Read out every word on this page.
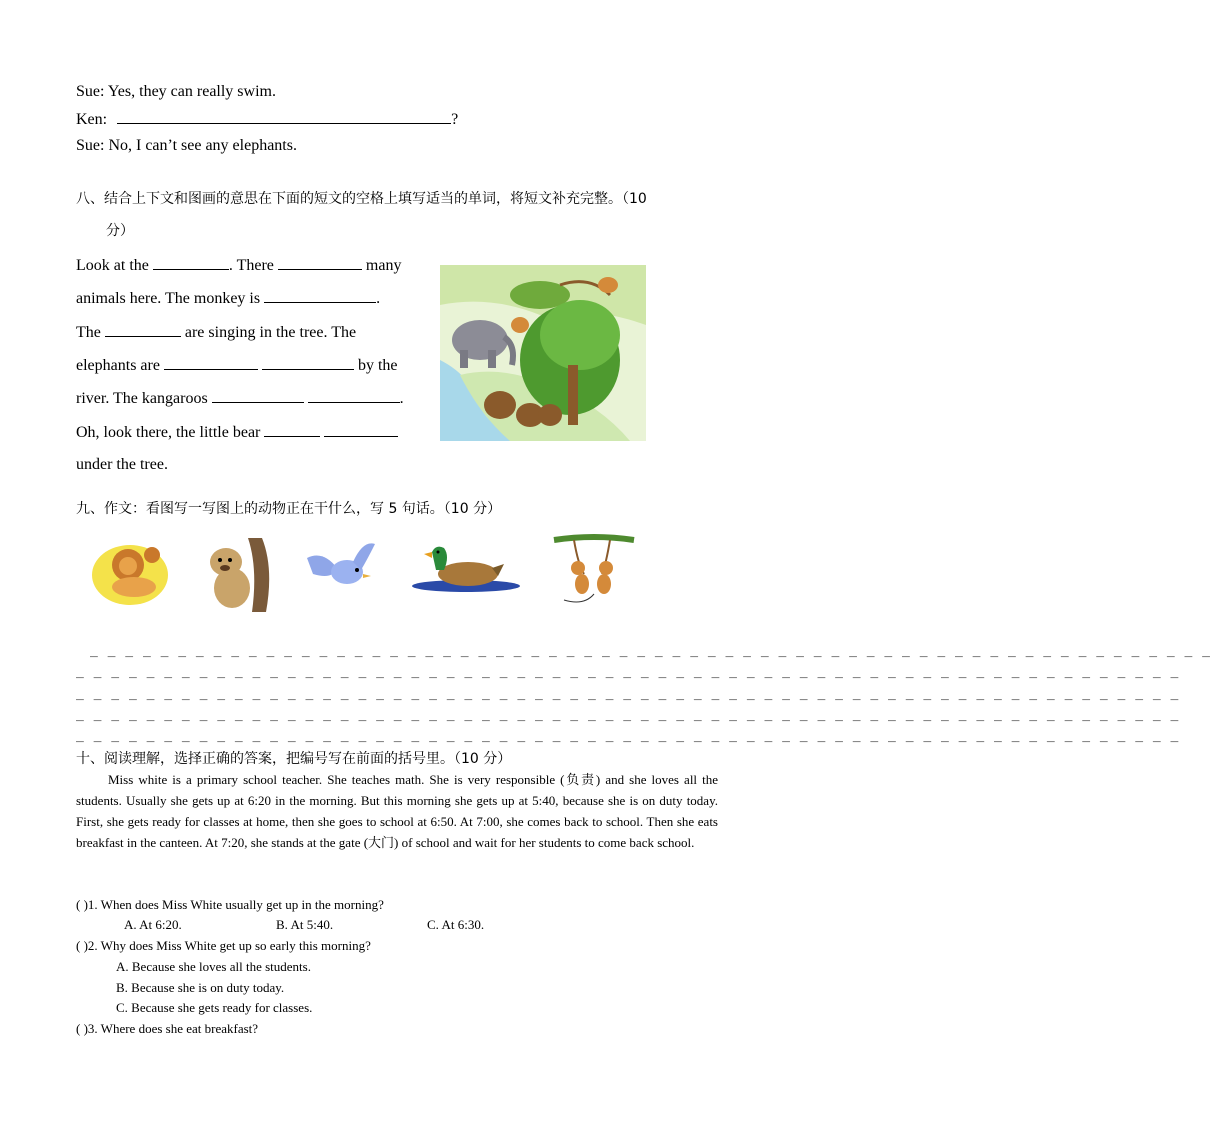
Sue: Yes, they can really swim.
Ken:	?
Sue: No, I can’t see any elephants.
八、结合上下文和图画的意思在下面的短文的空格上填写适当的单词，将短文补充完整。（10
分）
Look at the	. There	many
animals here. The monkey is	.
The	are singing in the tree. The
elephants are	by the
river. The kangaroos	.
Oh, look there, the little bear
under the tree.
九、作文：看图写一写图上的动物正在干什么，写 5 句话。（10 分）
_ _ _ _ _ _ _ _ _ _ _ _ _ _ _ _ _ _ _ _ _ _ _ _ _ _ _ _ _ _ _ _ _ _ _ _ _ _ _ _ _ _ _ _ _ _ _ _ _ _ _ _ _ _ _ _ _ _ _ _ _ _ _ _
_ _ _ _ _ _ _ _ _ _ _ _ _ _ _ _ _ _ _ _ _ _ _ _ _ _ _ _ _ _ _ _ _ _ _ _ _ _ _ _ _ _ _ _ _ _ _ _ _ _ _ _ _ _ _ _ _ _ _ _ _ _ _
_ _ _ _ _ _ _ _ _ _ _ _ _ _ _ _ _ _ _ _ _ _ _ _ _ _ _ _ _ _ _ _ _ _ _ _ _ _ _ _ _ _ _ _ _ _ _ _ _ _ _ _ _ _ _ _ _ _ _ _ _ _ _
_ _ _ _ _ _ _ _ _ _ _ _ _ _ _ _ _ _ _ _ _ _ _ _ _ _ _ _ _ _ _ _ _ _ _ _ _ _ _ _ _ _ _ _ _ _ _ _ _ _ _ _ _ _ _ _ _ _ _ _ _ _ _
_ _ _ _ _ _ _ _ _ _ _ _ _ _ _ _ _ _ _ _ _ _ _ _ _ _ _ _ _ _ _ _ _ _ _ _ _ _ _ _ _ _ _ _ _ _ _ _ _ _ _ _ _ _ _ _ _ _ _ _ _ _ _
十、阅读理解，选择正确的答案，把编号写在前面的括号里。（10 分）
Miss white is a primary school teacher. She teaches math. She is very responsible (负责) and she loves all the students. Usually she gets up at 6:20 in the morning. But this morning she gets up at 5:40, because she is on duty today. First, she gets ready for classes at home, then she goes to school at 6:50. At 7:00, she comes back to school. Then she eats breakfast in the canteen. At 7:20, she stands at the gate (大门) of school and wait for her students to come back school.
( )1. When does Miss White usually get up in the morning?
A. At 6:20.	B. At 5:40.	C. At 6:30.
( )2. Why does Miss White get up so early this morning?
A. Because she loves all the students.
B. Because she is on duty today.
C. Because she gets ready for classes.
( )3. Where does she eat breakfast?
